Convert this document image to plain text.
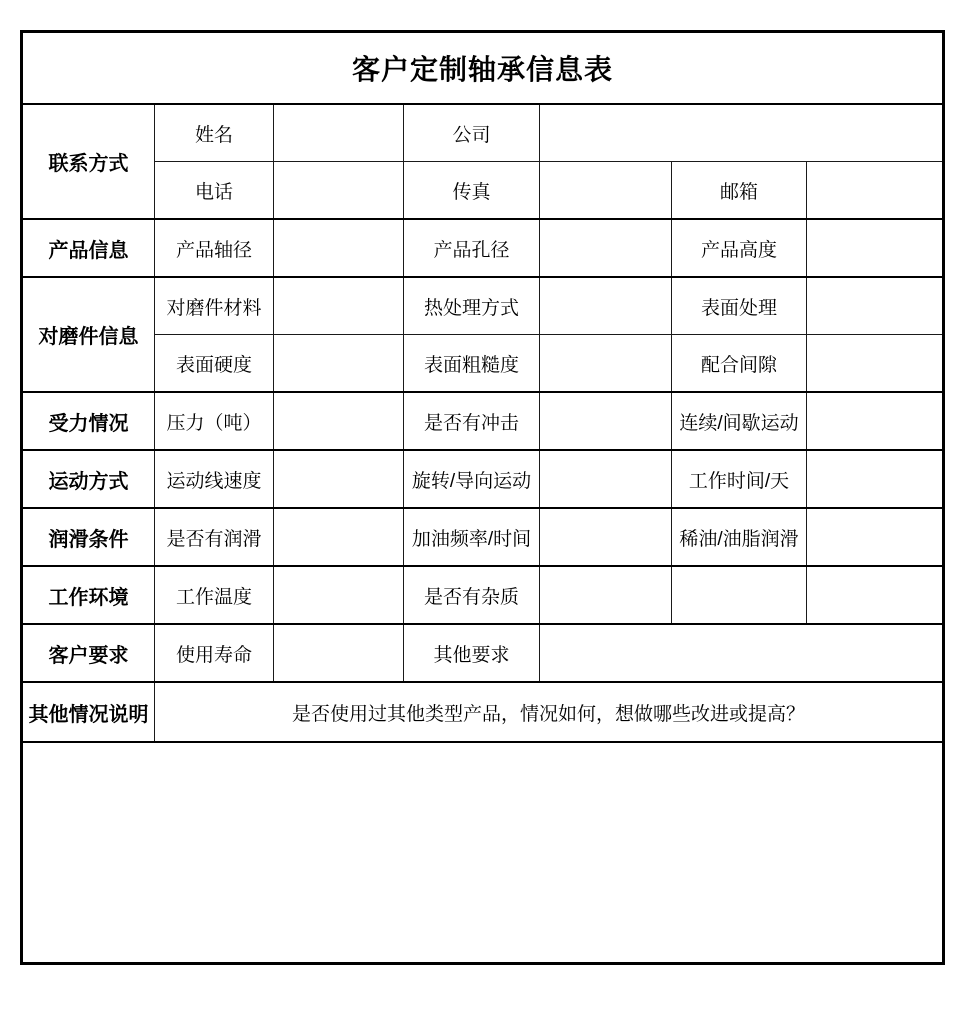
客户定制轴承信息表						
联系方式	姓名		公司			
	电话		传真		邮箱	
产品信息	产品轴径		产品孔径		产品高度	
对磨件信息	对磨件材料		热处理方式		表面处理	
	表面硬度		表面粗糙度		配合间隙	
受力情况	压力（吨）		是否有冲击		连续/间歇运动	
运动方式	运动线速度		旋转/导向运动		工作时间/天	
润滑条件	是否有润滑		加油频率/时间		稀油/油脂润滑	
工作环境	工作温度		是否有杂质			
客户要求	使用寿命		其他要求			
其他情况说明	是否使用过其他类型产品，情况如何，想做哪些改进或提高？					
